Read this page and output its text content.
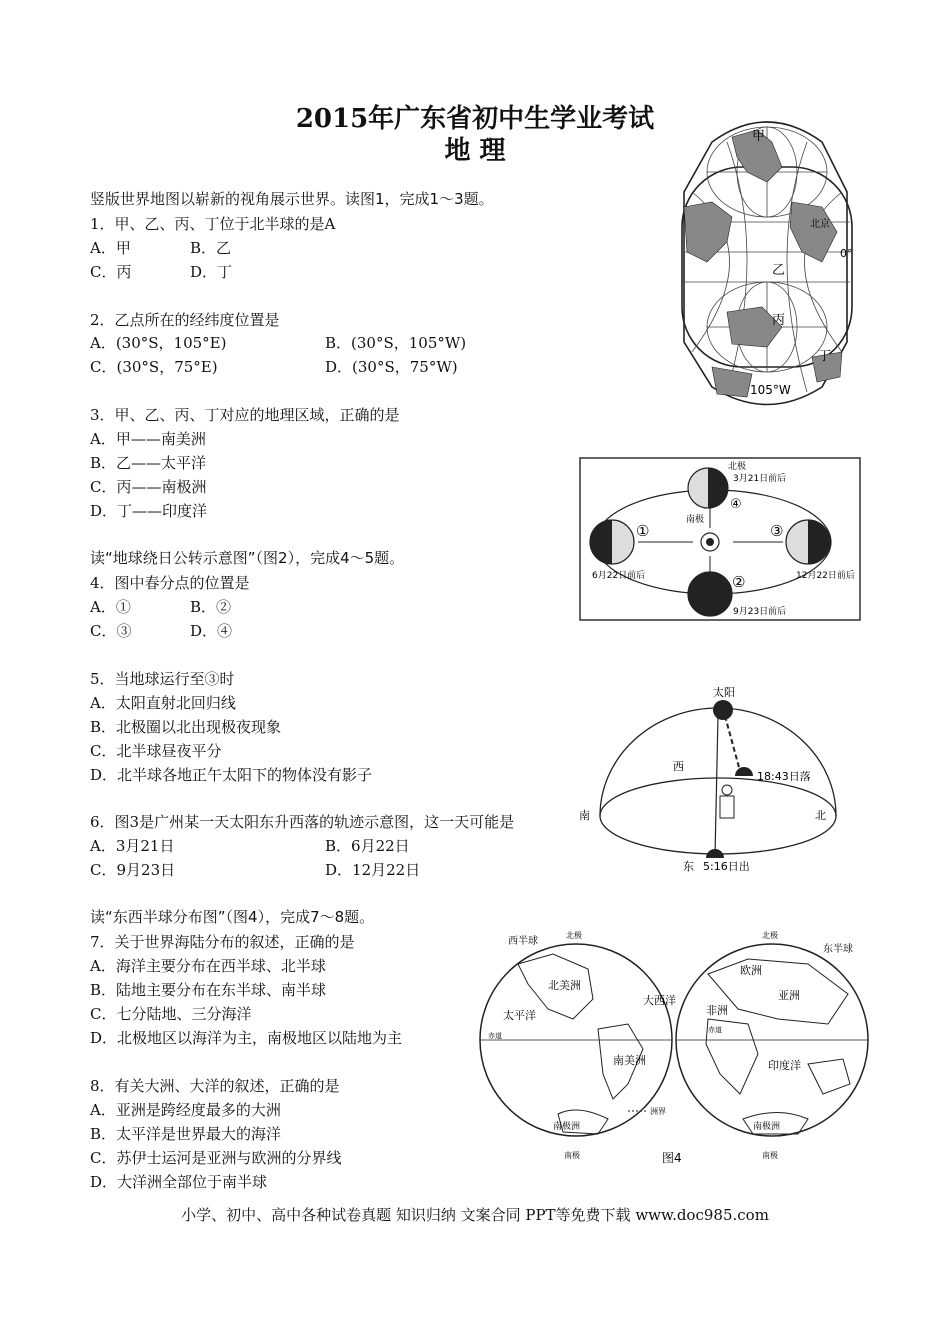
2015年广东省初中生学业考试
地 理
竖版世界地图以崭新的视角展示世界。读图1，完成1～3题。
1．甲、乙、丙、丁位于北半球的是A
A．甲	B．乙
C．丙	D．丁
2．乙点所在的经纬度位置是
A．(30°S，105°E)	B．(30°S，105°W)
C．(30°S，75°E)	D．(30°S，75°W)
3．甲、乙、丙、丁对应的地理区域，正确的是
A．甲——南美洲
B．乙——太平洋
C．丙——南极洲
D．丁——印度洋
读“地球绕日公转示意图”（图2），完成4～5题。
4．图中春分点的位置是
A．①	B．②
C．③	D．④
5．当地球运行至③时
A．太阳直射北回归线
B．北极圈以北出现极夜现象
C．北半球昼夜平分
D．北半球各地正午太阳下的物体没有影子
6．图3是广州某一天太阳东升西落的轨迹示意图，这一天可能是
A．3月21日	B．6月22日
C．9月23日	D．12月22日
读“东西半球分布图”（图4），完成7～8题。
7．关于世界海陆分布的叙述，正确的是
A．海洋主要分布在西半球、北半球
B．陆地主要分布在东半球、南半球
C．七分陆地、三分海洋
D．北极地区以海洋为主，南极地区以陆地为主
8．有关大洲、大洋的叙述，正确的是
A．亚洲是跨经度最多的大洲
B．太平洋是世界最大的海洋
C．苏伊士运河是亚洲与欧洲的分界线
D．大洋洲全部位于南半球
甲
北京
0°
乙
丙
丁
105°W
北极
3月21日前后
南极
④
①	③
②
6月22日前后	12月22日前后
9月23日前后
太阳
西
18:43日落
南	北
东 5:16日出
西半球
东半球
北极	北极
北美洲
太平洋
南美洲
大西洋
赤道
赤道
南极洲
南极
欧洲
亚洲
非洲
印度洋
南极洲
南极
洲界
图4
小学、初中、高中各种试卷真题 知识归纳 文案合同 PPT等免费下载 www.doc985.com
